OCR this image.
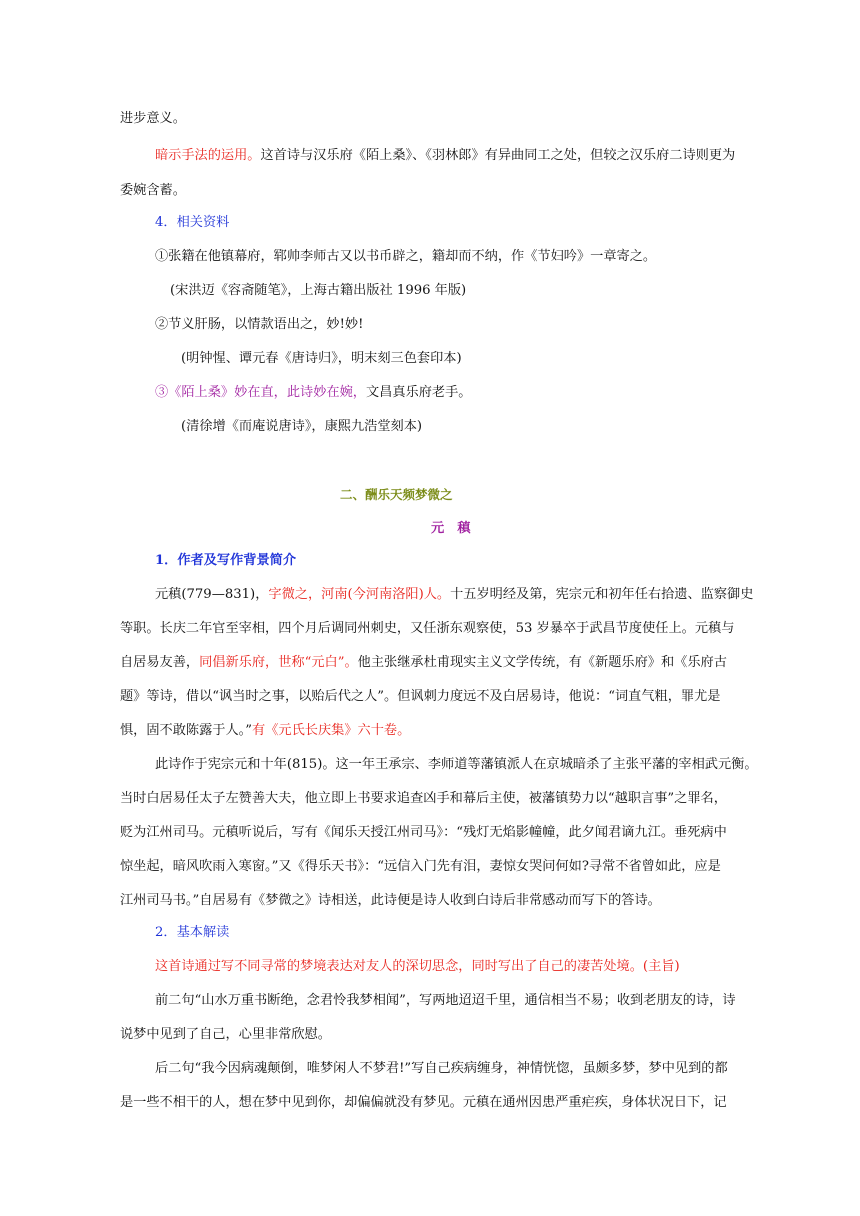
进步意义。
暗示手法的运用。这首诗与汉乐府《陌上桑》、《羽林郎》有异曲同工之处，但较之汉乐府二诗则更为
委婉含蓄。
4．相关资料
①张籍在他镇幕府，郓帅李师古又以书币辟之，籍却而不纳，作《节妇吟》一章寄之。
(宋洪迈《容斋随笔》，上海古籍出版社 1996 年版)
②节义肝肠，以情款语出之，妙!妙!
(明钟惺、谭元春《唐诗归》，明末刻三色套印本)
③《陌上桑》妙在直，此诗妙在婉，文昌真乐府老手。
(清徐增《而庵说唐诗》，康熙九浩堂刻本)
二、酬乐天频梦微之
元　稹
1．作者及写作背景简介
元稹(779—831)，字微之，河南(今河南洛阳)人。十五岁明经及第，宪宗元和初年任右拾遗、监察御史
等职。长庆二年官至宰相，四个月后调同州刺史，又任浙东观察使，53 岁暴卒于武昌节度使任上。元稹与
自居易友善，同倡新乐府，世称“元白”。他主张继承杜甫现实主义文学传统，有《新题乐府》和《乐府古
题》等诗，借以“讽当时之事，以贻后代之人”。但讽刺力度远不及白居易诗，他说：“词直气粗，罪尤是
惧，固不敢陈露于人。”有《元氏长庆集》六十卷。
此诗作于宪宗元和十年(815)。这一年王承宗、李师道等藩镇派人在京城暗杀了主张平藩的宰相武元衡。
当时白居易任太子左赞善大夫，他立即上书要求追查凶手和幕后主使，被藩镇势力以“越职言事”之罪名，
贬为江州司马。元稹听说后，写有《闻乐天授江州司马》：“残灯无焰影幢幢，此夕闻君谪九江。垂死病中
惊坐起，暗风吹雨入寒窗。”又《得乐天书》：“远信入门先有泪，妻惊女哭问何如?寻常不省曾如此，应是
江州司马书。”自居易有《梦微之》诗相送，此诗便是诗人收到白诗后非常感动而写下的答诗。
2．基本解读
这首诗通过写不同寻常的梦境表达对友人的深切思念，同时写出了自己的凄苦处境。(主旨)
前二句“山水万重书断绝，念君怜我梦相闻”，写两地迢迢千里，通信相当不易；收到老朋友的诗，诗
说梦中见到了自己，心里非常欣慰。
后二句“我今因病魂颠倒，唯梦闲人不梦君!”写自己疾病缠身，神情恍惚，虽颇多梦，梦中见到的都
是一些不相干的人，想在梦中见到你，却偏偏就没有梦见。元稹在通州因患严重疟疾，身体状况日下，记
